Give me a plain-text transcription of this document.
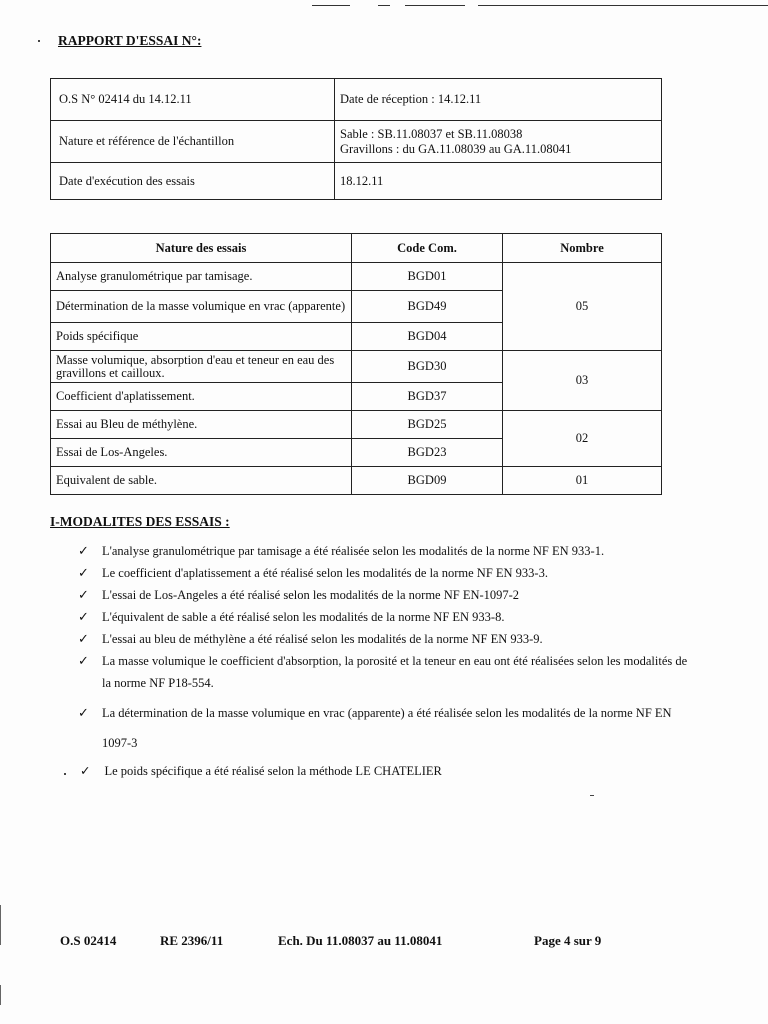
RAPPORT D'ESSAI N°:
O.S N° 02414 du 14.12.11	Date de réception : 14.12.11
Nature et référence de l'échantillon	Sable : SB.11.08037 et SB.11.08038
Gravillons : du GA.11.08039 au GA.11.08041

Date d'exécution des essais	18.12.11
Nature des essais	Code Com.	Nombre
Analyse granulométrique par tamisage.	BGD01	05
Détermination de la masse volumique en vrac (apparente)	BGD49	
Poids spécifique	BGD04	
Masse volumique, absorption d'eau et teneur en eau des gravillons et cailloux.	BGD30	03
Coefficient d'aplatissement.	BGD37	
Essai au Bleu de méthylène.	BGD25	02
Essai de Los-Angeles.	BGD23	
Equivalent de sable.	BGD09	01
I-MODALITES DES ESSAIS :
✓ L'analyse granulométrique par tamisage a été réalisée selon les modalités de la norme NF EN 933-1.
✓ Le coefficient d'aplatissement a été réalisé selon les modalités de la norme NF EN 933-3.
✓ L'essai de Los-Angeles a été réalisé selon les modalités de la norme NF EN-1097-2
✓ L'équivalent de sable a été réalisé selon les modalités de la norme NF EN 933-8.
✓ L'essai au bleu de méthylène a été réalisé selon les modalités de la norme NF EN 933-9.
✓ La masse volumique le coefficient d'absorption, la porosité et la teneur en eau ont été réalisées selon les modalités de la norme NF P18-554.
✓ La détermination de la masse volumique en vrac (apparente) a été réalisée selon les modalités de la norme NF EN 1097-3
✓ Le poids spécifique a été réalisé selon la méthode LE CHATELIER
O.S 02414	RE 2396/11	Ech. Du 11.08037 au 11.08041	Page 4 sur 9
